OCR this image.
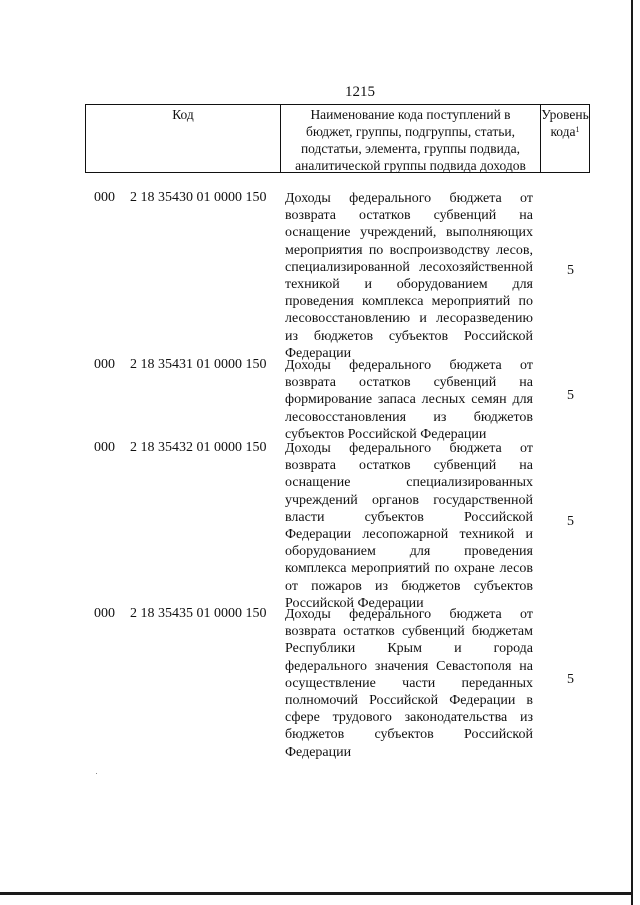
1215
Код	Наименование кода поступлений в
бюджет, группы, подгруппы, статьи,
подстатьи, элемента, группы подвида,
аналитической группы подвида доходов
Уровень
кода$^1$
000 2 18 35430 01 0000 150 Доходы федерального бюджета от
возврата остатков субвенций на
оснащение учреждений, выполняющих
мероприятия по воспроизводству лесов,
специализированной лесохозяйственной
техникой и оборудованием для
проведения комплекса мероприятий по
лесовосстановлению и лесоразведению
из бюджетов субъектов Российской
Федерации
5
000 2 18 35431 01 0000 150 Доходы федерального бюджета от
возврата остатков субвенций на
формирование запаса лесных семян для
лесовосстановления из бюджетов
субъектов Российской Федерации
5
000 2 18 35432 01 0000 150 Доходы федерального бюджета от
возврата остатков субвенций на
оснащение специализированных
учреждений органов государственной
власти субъектов Российской
Федерации лесопожарной техникой и
оборудованием для проведения
комплекса мероприятий по охране лесов
от пожаров из бюджетов субъектов
Российской Федерации
5
000 2 18 35435 01 0000 150 Доходы федерального бюджета от
возврата остатков субвенций бюджетам
Республики Крым и города
федерального значения Севастополя на
осуществление части переданных
полномочий Российской Федерации в
сфере трудового законодательства из
бюджетов субъектов Российской
Федерации
5
